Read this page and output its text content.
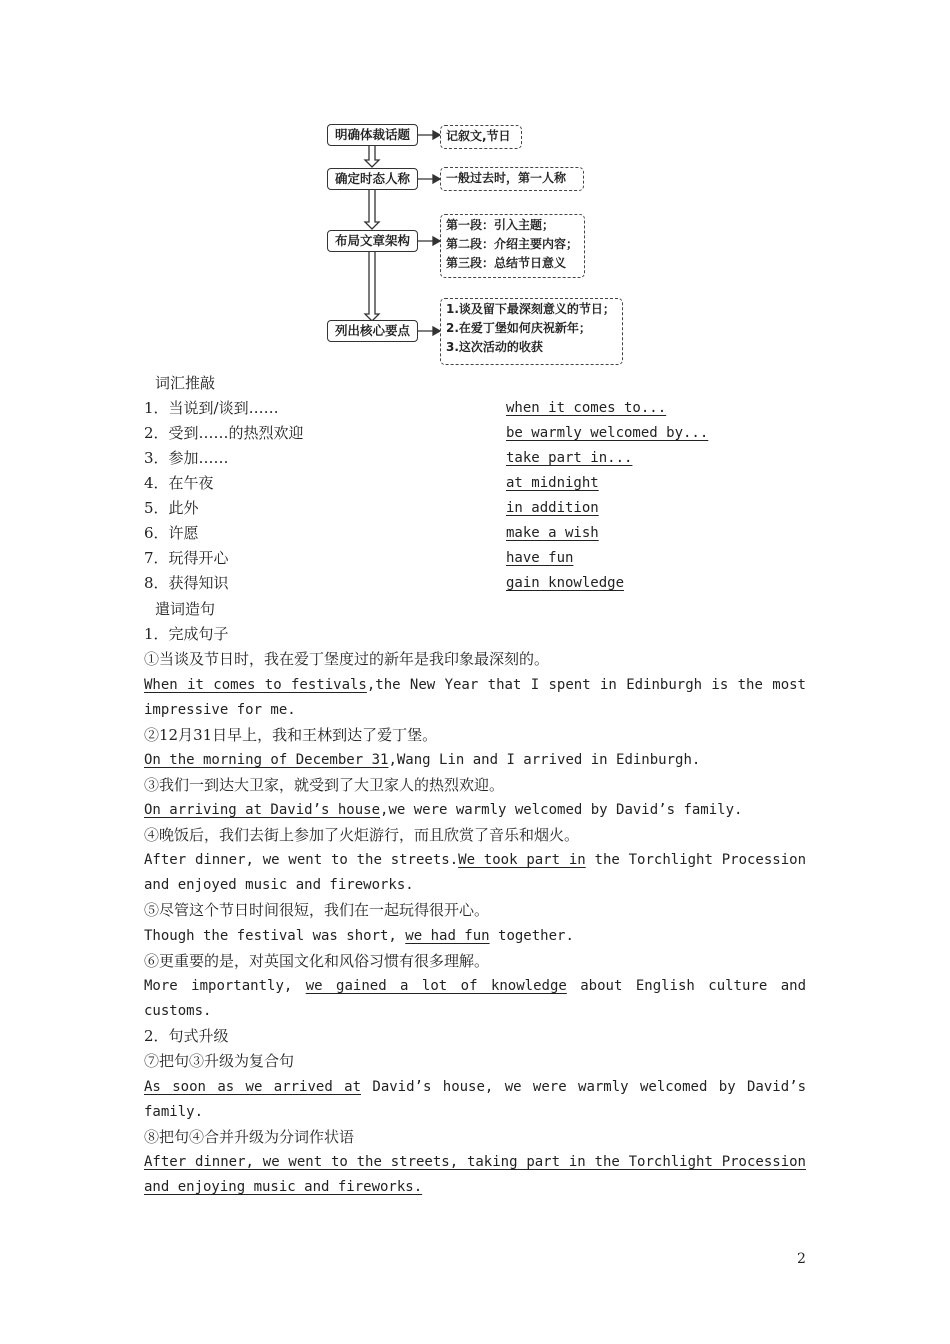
明确体裁话题
确定时态人称
布局文章架构
列出核心要点
记叙文,节日
一般过去时，第一人称
第一段：引入主题；
第二段：介绍主要内容；
第三段：总结节日意义
1.谈及留下最深刻意义的节日；
2.在爱丁堡如何庆祝新年；
3.这次活动的收获
词汇推敲
1．当说到/谈到……	when it comes to...
2．受到……的热烈欢迎	be warmly welcomed by...
3．参加……	take part in...
4．在午夜	at midnight
5．此外	in addition
6．许愿	make a wish
7．玩得开心	have fun
8．获得知识	gain knowledge
遣词造句
1．完成句子
①当谈及节日时，我在爱丁堡度过的新年是我印象最深刻的。
When it comes to festivals,the New Year that I spent in Edinburgh is the most impressive for me.
②12月31日早上，我和王林到达了爱丁堡。
On the morning of December 31,Wang Lin and I arrived in Edinburgh.
③我们一到达大卫家，就受到了大卫家人的热烈欢迎。
On arriving at David’s house,we were warmly welcomed by David’s family.
④晚饭后，我们去街上参加了火炬游行，而且欣赏了音乐和烟火。
After dinner, we went to the streets.We took part in the Torchlight Procession and enjoyed music and fireworks.
⑤尽管这个节日时间很短，我们在一起玩得很开心。
Though the festival was short, we had fun together.
⑥更重要的是，对英国文化和风俗习惯有很多理解。
More importantly, we gained a lot of knowledge about English culture and customs.
2．句式升级
⑦把句③升级为复合句
As soon as we arrived at David’s house, we were warmly welcomed by David’s family.
⑧把句④合并升级为分词作状语
After dinner, we went to the streets, taking part in the Torchlight Procession and enjoying music and fireworks.
2
